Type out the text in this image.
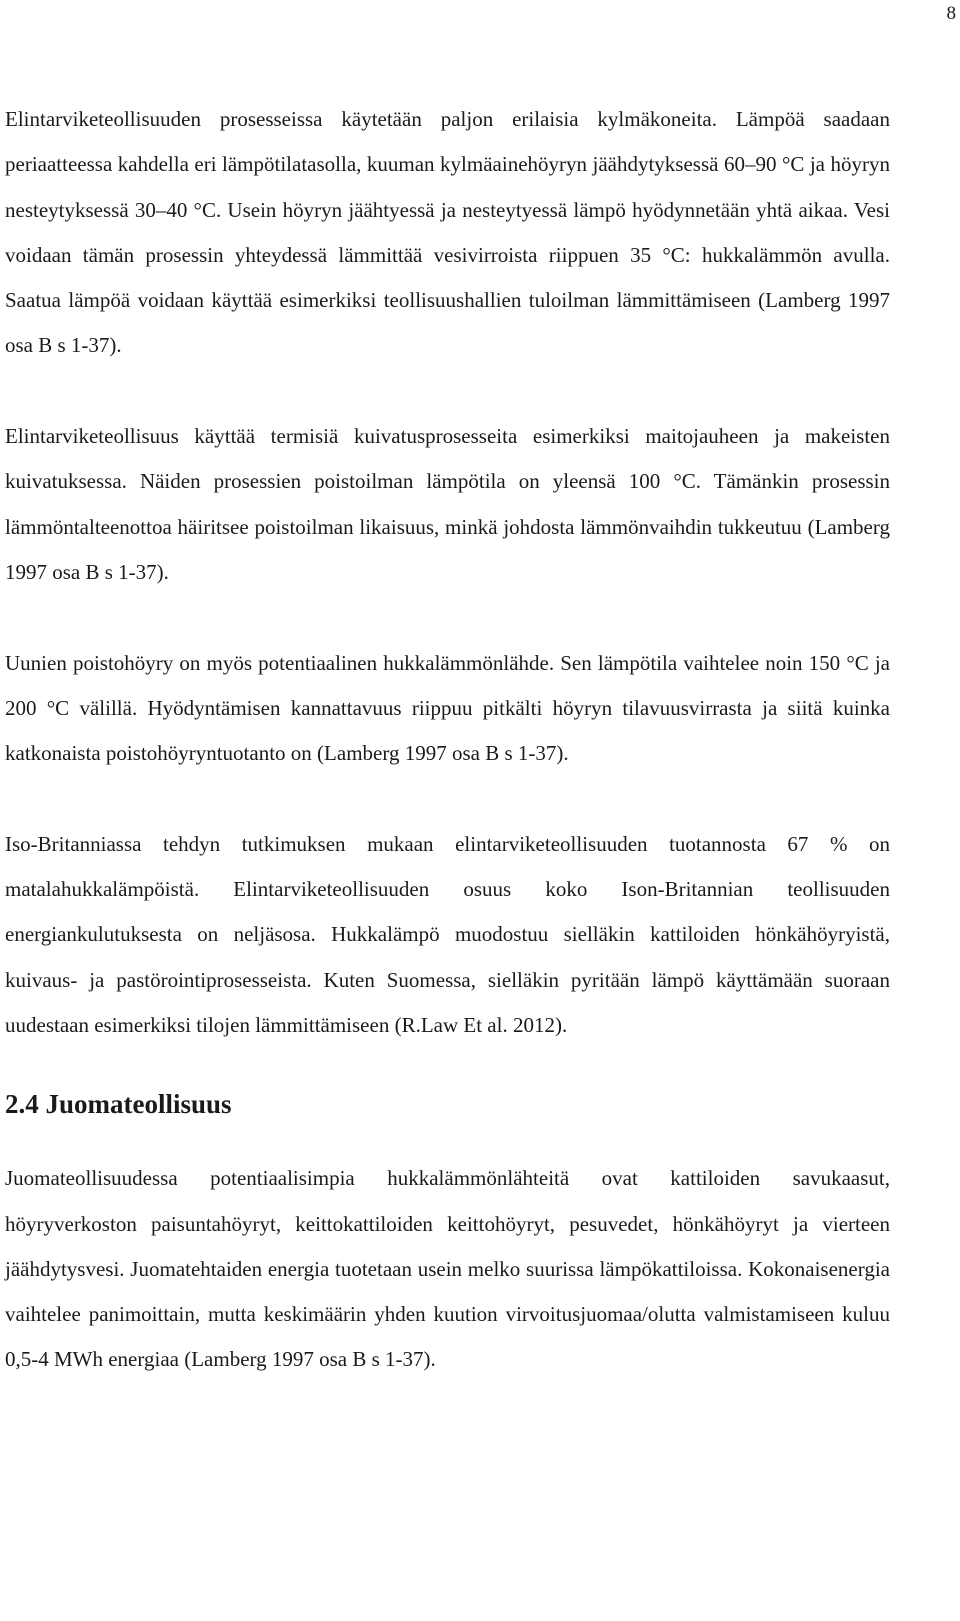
8

Elintarviketeollisuuden prosesseissa käytetään paljon erilaisia kylmäkoneita. Lämpöä saadaan periaatteessa kahdella eri lämpötilatasolla, kuuman kylmäainehöyryn jäähdytyksessä 60–90 °C ja höyryn nesteytyksessä 30–40 °C. Usein höyryn jäähtyessä ja nesteytyessä lämpö hyödynnetään yhtä aikaa. Vesi voidaan tämän prosessin yhteydessä lämmittää vesivirroista riippuen 35 °C: hukkalämmön avulla. Saatua lämpöä voidaan käyttää esimerkiksi teollisuushallien tuloilman lämmittämiseen (Lamberg 1997 osa B s 1-37).

Elintarviketeollisuus käyttää termisiä kuivatusprosesseita esimerkiksi maitojauheen ja makeisten kuivatuksessa. Näiden prosessien poistoilman lämpötila on yleensä 100 °C. Tämänkin prosessin lämmöntalteenottoa häiritsee poistoilman likaisuus, minkä johdosta lämmönvaihdin tukkeutuu (Lamberg 1997 osa B s 1-37).

Uunien poistohöyry on myös potentiaalinen hukkalämmönlähde. Sen lämpötila vaihtelee noin 150 °C ja 200 °C välillä. Hyödyntämisen kannattavuus riippuu pitkälti höyryn tilavuusvirrasta ja siitä kuinka katkonaista poistohöyryntuotanto on (Lamberg 1997 osa B s 1-37).

Iso-Britanniassa tehdyn tutkimuksen mukaan elintarviketeollisuuden tuotannosta 67 % on matalahukkalämpöistä. Elintarviketeollisuuden osuus koko Ison-Britannian teollisuuden energiankulutuksesta on neljäsosa. Hukkalämpö muodostuu sielläkin kattiloiden hönkähöyryistä, kuivaus- ja pastörointiprosesseista. Kuten Suomessa, sielläkin pyritään lämpö käyttämään suoraan uudestaan esimerkiksi tilojen lämmittämiseen (R.Law Et al. 2012).

2.4 Juomateollisuus

Juomateollisuudessa potentiaalisimpia hukkalämmönlähteitä ovat kattiloiden savukaasut, höyryverkoston paisuntahöyryt, keittokattiloiden keittohöyryt, pesuvedet, hönkähöyryt ja vierteen jäähdytysvesi. Juomatehtaiden energia tuotetaan usein melko suurissa lämpökattiloissa. Kokonaisenergia vaihtelee panimoittain, mutta keskimäärin yhden kuution virvoitusjuomaa/olutta valmistamiseen kuluu 0,5-4 MWh energiaa (Lamberg 1997 osa B s 1-37).
